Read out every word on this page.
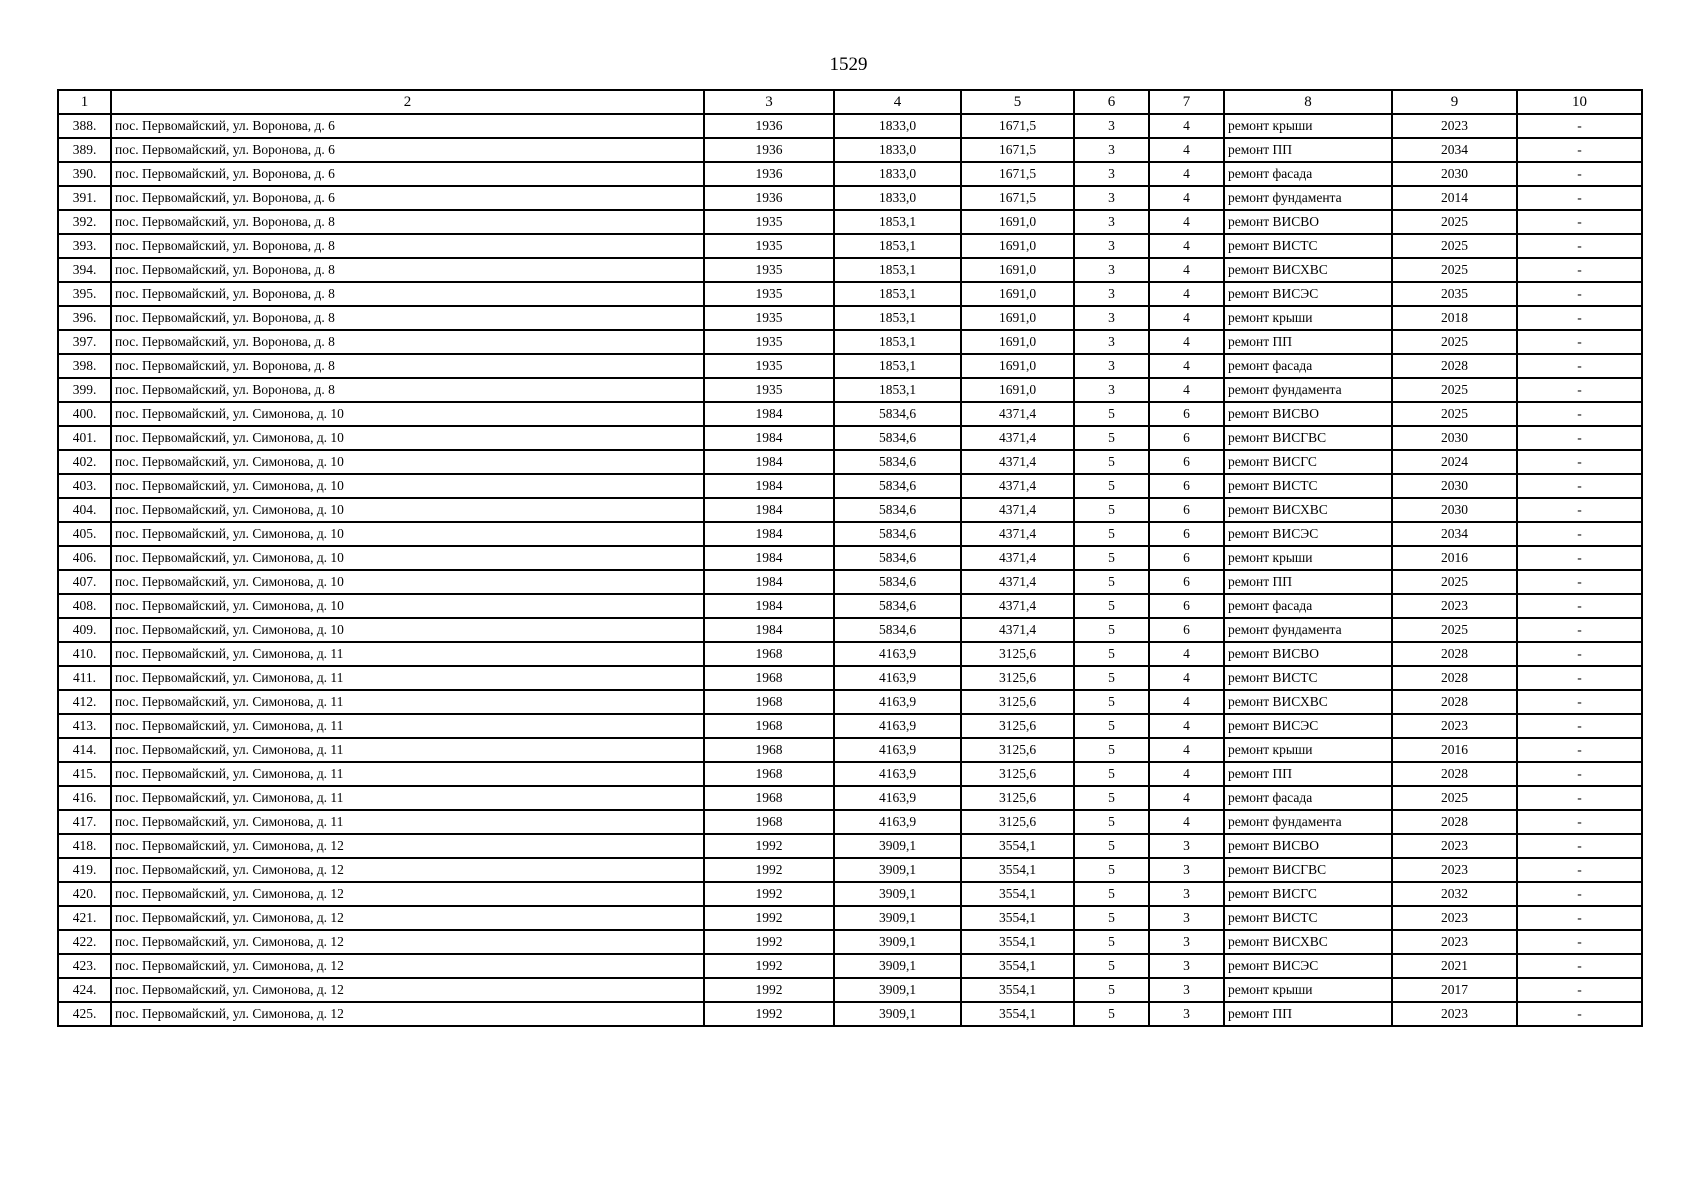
1529
1	2	3	4	5	6	7	8	9	10
388.	пос. Первомайский, ул. Воронова, д. 6	1936	1833,0	1671,5	3	4	ремонт крыши	2023	-
389.	пос. Первомайский, ул. Воронова, д. 6	1936	1833,0	1671,5	3	4	ремонт ПП	2034	-
390.	пос. Первомайский, ул. Воронова, д. 6	1936	1833,0	1671,5	3	4	ремонт фасада	2030	-
391.	пос. Первомайский, ул. Воронова, д. 6	1936	1833,0	1671,5	3	4	ремонт фундамента	2014	-
392.	пос. Первомайский, ул. Воронова, д. 8	1935	1853,1	1691,0	3	4	ремонт ВИСВО	2025	-
393.	пос. Первомайский, ул. Воронова, д. 8	1935	1853,1	1691,0	3	4	ремонт ВИСТС	2025	-
394.	пос. Первомайский, ул. Воронова, д. 8	1935	1853,1	1691,0	3	4	ремонт ВИСХВС	2025	-
395.	пос. Первомайский, ул. Воронова, д. 8	1935	1853,1	1691,0	3	4	ремонт ВИСЭС	2035	-
396.	пос. Первомайский, ул. Воронова, д. 8	1935	1853,1	1691,0	3	4	ремонт крыши	2018	-
397.	пос. Первомайский, ул. Воронова, д. 8	1935	1853,1	1691,0	3	4	ремонт ПП	2025	-
398.	пос. Первомайский, ул. Воронова, д. 8	1935	1853,1	1691,0	3	4	ремонт фасада	2028	-
399.	пос. Первомайский, ул. Воронова, д. 8	1935	1853,1	1691,0	3	4	ремонт фундамента	2025	-
400.	пос. Первомайский, ул. Симонова, д. 10	1984	5834,6	4371,4	5	6	ремонт ВИСВО	2025	-
401.	пос. Первомайский, ул. Симонова, д. 10	1984	5834,6	4371,4	5	6	ремонт ВИСГВС	2030	-
402.	пос. Первомайский, ул. Симонова, д. 10	1984	5834,6	4371,4	5	6	ремонт ВИСГС	2024	-
403.	пос. Первомайский, ул. Симонова, д. 10	1984	5834,6	4371,4	5	6	ремонт ВИСТС	2030	-
404.	пос. Первомайский, ул. Симонова, д. 10	1984	5834,6	4371,4	5	6	ремонт ВИСХВС	2030	-
405.	пос. Первомайский, ул. Симонова, д. 10	1984	5834,6	4371,4	5	6	ремонт ВИСЭС	2034	-
406.	пос. Первомайский, ул. Симонова, д. 10	1984	5834,6	4371,4	5	6	ремонт крыши	2016	-
407.	пос. Первомайский, ул. Симонова, д. 10	1984	5834,6	4371,4	5	6	ремонт ПП	2025	-
408.	пос. Первомайский, ул. Симонова, д. 10	1984	5834,6	4371,4	5	6	ремонт фасада	2023	-
409.	пос. Первомайский, ул. Симонова, д. 10	1984	5834,6	4371,4	5	6	ремонт фундамента	2025	-
410.	пос. Первомайский, ул. Симонова, д. 11	1968	4163,9	3125,6	5	4	ремонт ВИСВО	2028	-
411.	пос. Первомайский, ул. Симонова, д. 11	1968	4163,9	3125,6	5	4	ремонт ВИСТС	2028	-
412.	пос. Первомайский, ул. Симонова, д. 11	1968	4163,9	3125,6	5	4	ремонт ВИСХВС	2028	-
413.	пос. Первомайский, ул. Симонова, д. 11	1968	4163,9	3125,6	5	4	ремонт ВИСЭС	2023	-
414.	пос. Первомайский, ул. Симонова, д. 11	1968	4163,9	3125,6	5	4	ремонт крыши	2016	-
415.	пос. Первомайский, ул. Симонова, д. 11	1968	4163,9	3125,6	5	4	ремонт ПП	2028	-
416.	пос. Первомайский, ул. Симонова, д. 11	1968	4163,9	3125,6	5	4	ремонт фасада	2025	-
417.	пос. Первомайский, ул. Симонова, д. 11	1968	4163,9	3125,6	5	4	ремонт фундамента	2028	-
418.	пос. Первомайский, ул. Симонова, д. 12	1992	3909,1	3554,1	5	3	ремонт ВИСВО	2023	-
419.	пос. Первомайский, ул. Симонова, д. 12	1992	3909,1	3554,1	5	3	ремонт ВИСГВС	2023	-
420.	пос. Первомайский, ул. Симонова, д. 12	1992	3909,1	3554,1	5	3	ремонт ВИСГС	2032	-
421.	пос. Первомайский, ул. Симонова, д. 12	1992	3909,1	3554,1	5	3	ремонт ВИСТС	2023	-
422.	пос. Первомайский, ул. Симонова, д. 12	1992	3909,1	3554,1	5	3	ремонт ВИСХВС	2023	-
423.	пос. Первомайский, ул. Симонова, д. 12	1992	3909,1	3554,1	5	3	ремонт ВИСЭС	2021	-
424.	пос. Первомайский, ул. Симонова, д. 12	1992	3909,1	3554,1	5	3	ремонт крыши	2017	-
425.	пос. Первомайский, ул. Симонова, д. 12	1992	3909,1	3554,1	5	3	ремонт ПП	2023	-
